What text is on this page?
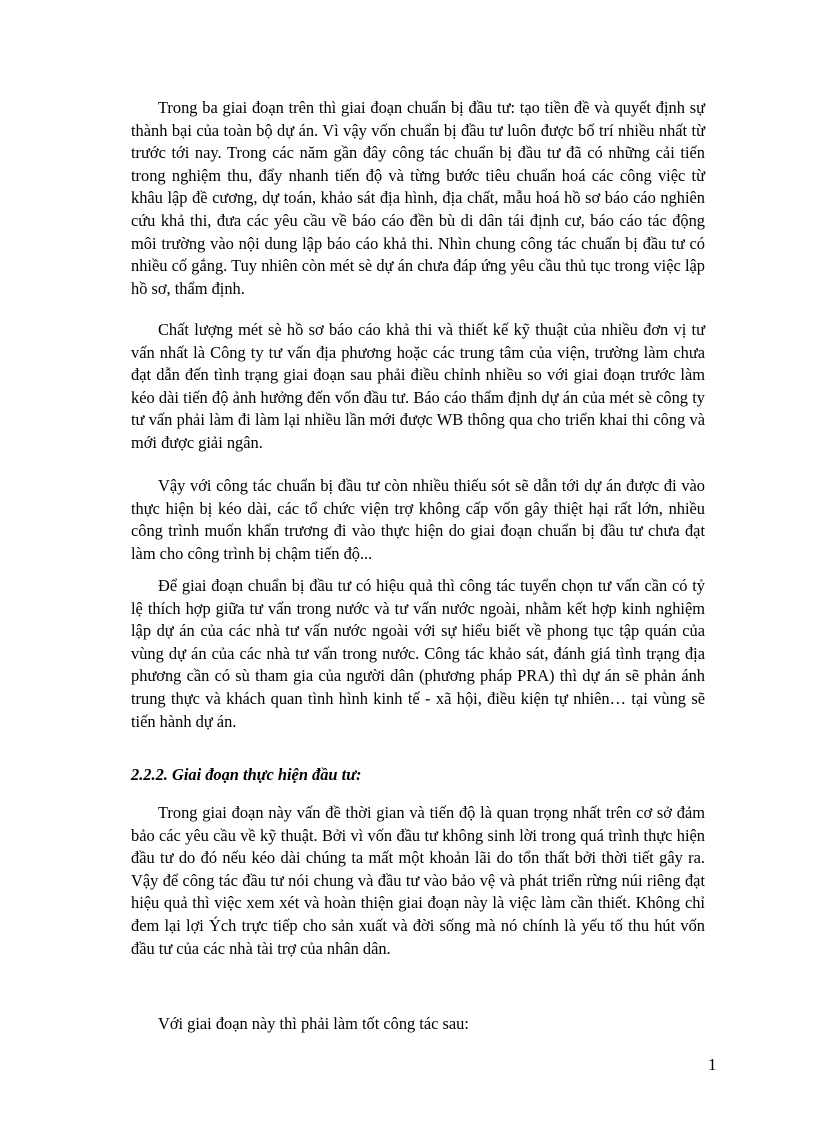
Trong ba giai đoạn trên thì giai đoạn chuẩn bị đầu tư: tạo tiền đề và quyết định sự thành bại của toàn bộ dự án. Vì vậy vốn chuẩn bị đầu tư luôn được bố trí nhiều nhất từ trước tới nay. Trong các năm gần đây công tác chuẩn bị đầu tư đã có những cải tiến trong nghiệm thu, đẩy nhanh tiến độ và từng bước tiêu chuẩn hoá các công việc từ khâu lập đề cương, dự toán, khảo sát địa hình, địa chất, mẫu hoá hồ sơ báo cáo nghiên cứu khả thi, đưa các yêu cầu về báo cáo đền bù di dân tái định cư, báo cáo tác động môi trường vào nội dung lập báo cáo khả thi. Nhìn chung công tác chuẩn bị đầu tư có nhiều cố gắng. Tuy nhiên còn mét sè dự án chưa đáp ứng yêu cầu thủ tục trong việc lập hồ sơ, thẩm định.

Chất lượng mét sè hồ sơ báo cáo khả thi và thiết kế kỹ thuật của nhiều đơn vị tư vấn nhất là Công ty tư vấn địa phương hoặc các trung tâm của viện, trường làm chưa đạt dẫn đến tình trạng giai đoạn sau phải điều chỉnh nhiều so với giai đoạn trước làm kéo dài tiến độ ảnh hưởng đến vốn đầu tư. Báo cáo thẩm định dự án của mét sè công ty tư vấn phải làm đi làm lại nhiều lần mới được WB thông qua cho triển khai thi công và mới được giải ngân.

Vậy với công tác chuẩn bị đầu tư còn nhiều thiếu sót sẽ dẫn tới dự án được đi vào thực hiện bị kéo dài, các tổ chức viện trợ không cấp vốn gây thiệt hại rất lớn, nhiều công trình muốn khẩn trương đi vào thực hiện do giai đoạn chuẩn bị đầu tư chưa đạt làm cho công trình bị chậm tiến độ...

Để giai đoạn chuẩn bị đầu tư có hiệu quả thì công tác tuyển chọn tư vấn cần có tỷ lệ thích hợp giữa tư vấn trong nước và tư vấn nước ngoài, nhằm kết hợp kinh nghiệm lập dự án của các nhà tư vấn nước ngoài với sự hiểu biết về phong tục tập quán của vùng dự án của các nhà tư vấn trong nước. Công tác khảo sát, đánh giá tình trạng địa phương cần có sù tham gia của người dân (phương pháp PRA) thì dự án sẽ phản ánh trung thực và khách quan tình hình kinh tế - xã hội, điều kiện tự nhiên… tại vùng sẽ tiến hành dự án.

2.2.2. Giai đoạn thực hiện đầu tư:

Trong giai đoạn này vấn đề thời gian và tiến độ là quan trọng nhất trên cơ sở đảm bảo các yêu cầu về kỹ thuật. Bởi vì vốn đầu tư không sinh lời trong quá trình thực hiện đầu tư do đó nếu kéo dài chúng ta mất một khoản lãi do tổn thất bởi thời tiết gây ra. Vậy để công tác đầu tư nói chung và đầu tư vào bảo vệ và phát triển rừng núi riêng đạt hiệu quả thì việc xem xét và hoàn thiện giai đoạn này là việc làm cần thiết. Không chỉ đem lại lợi Ých trực tiếp cho sản xuất và đời sống mà nó chính là yếu tố thu hút vốn đầu tư của các nhà tài trợ của nhân dân.

Với giai đoạn này thì phải làm tốt công tác sau:

1
